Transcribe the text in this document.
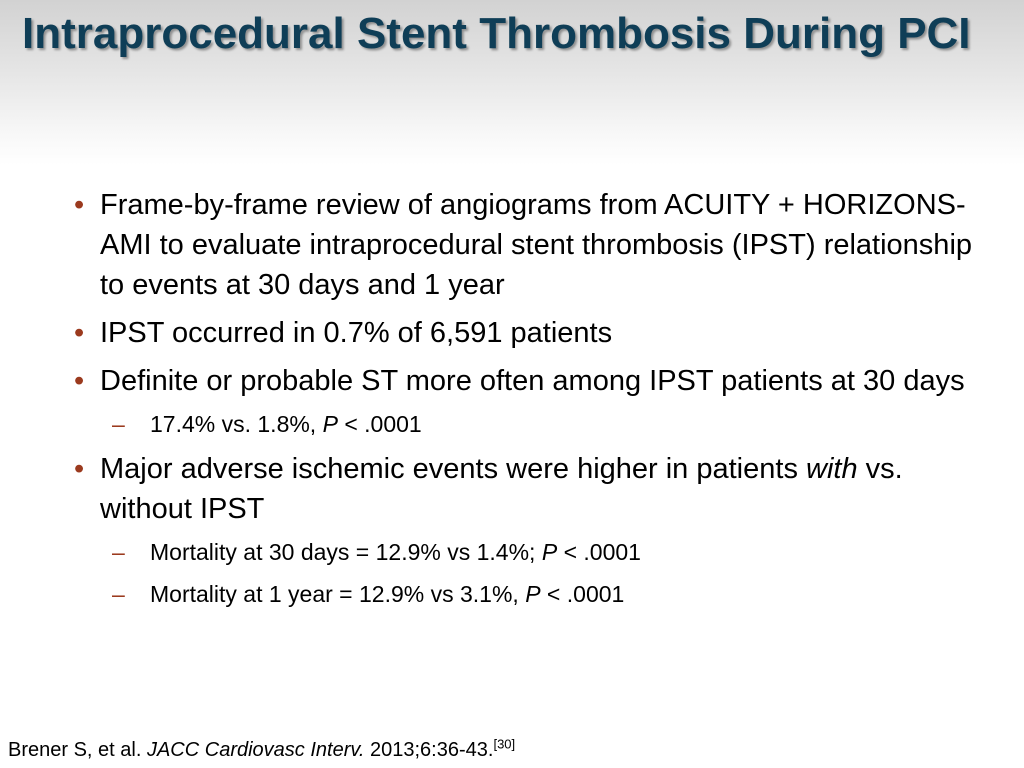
Intraprocedural Stent Thrombosis During PCI
• Frame-by-frame review of angiograms from ACUITY + HORIZONS-AMI to evaluate intraprocedural stent thrombosis (IPST) relationship to events at 30 days and 1 year
• IPST occurred in 0.7% of 6,591 patients
• Definite or probable ST more often among IPST patients at 30 days
– 17.4% vs. 1.8%, P < .0001
• Major adverse ischemic events were higher in patients with vs. without IPST
– Mortality at 30 days = 12.9% vs 1.4%; P < .0001
– Mortality at 1 year = 12.9% vs 3.1%, P < .0001
Brener S, et al. JACC Cardiovasc Interv. 2013;6:36-43.[30]
